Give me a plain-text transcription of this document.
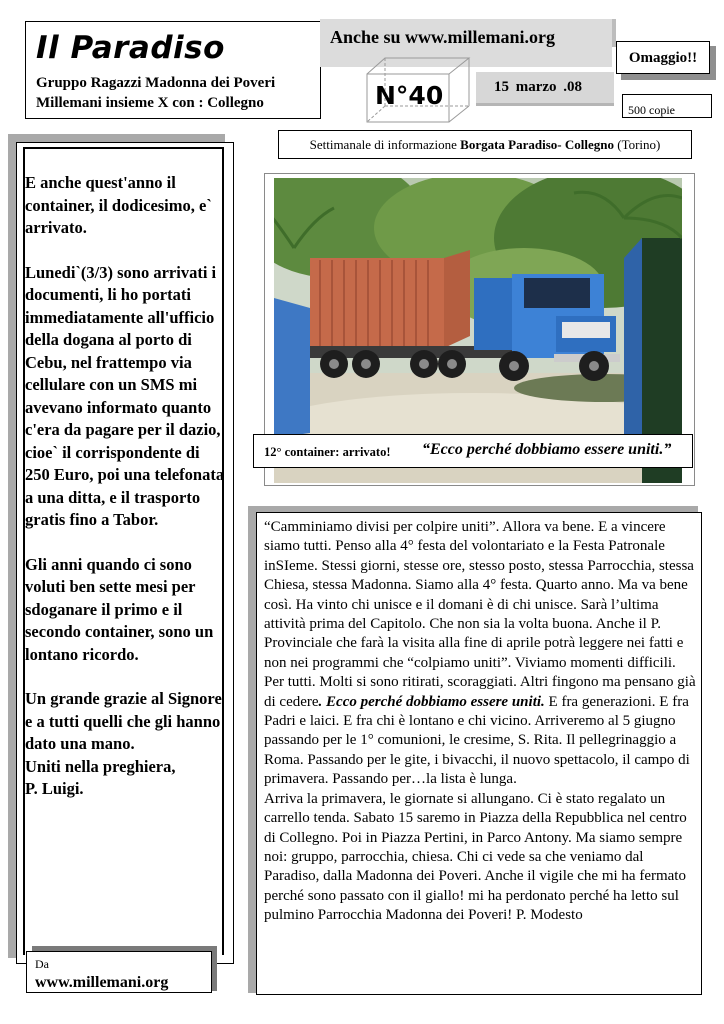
Il Paradiso
Gruppo Ragazzi Madonna dei Poveri
Millemani insieme X con : Collegno
Anche su www.millemani.org
N°40	15 marzo .08
Omaggio!!
500 copie
Settimanale di informazione Borgata Paradiso- Collegno (Torino)

E anche quest'anno il container, il dodicesimo, e` arrivato.

Lunedi`(3/3) sono arrivati i documenti, li ho portati immediatamente all'ufficio della dogana al porto di Cebu, nel frattempo via cellulare con un SMS mi avevano informato quanto c'era da pagare per il dazio, cioe` il corrispondente di 250 Euro, poi una telefonata a una ditta, e il trasporto gratis fino a Tabor.

Gli anni quando ci sono voluti ben sette mesi per sdoganare il primo e il secondo container, sono un lontano ricordo.

Un grande grazie al Signore e a tutti quelli che gli hanno dato una mano.
Uniti nella preghiera,
P. Luigi.

Da
www.millemani.org
12° container: arrivato! “Ecco perché dobbiamo essere uniti.”
“Camminiamo divisi per colpire uniti”. Allora va bene. E a vincere siamo tutti. Penso alla 4° festa del volontariato e la Festa Patronale inSIeme. Stessi giorni, stesse ore, stesso posto, stessa Parrocchia, stessa Chiesa, stessa Madonna. Siamo alla 4° festa. Quarto anno. Ma va bene così. Ha vinto chi unisce e il domani è di chi unisce. Sarà l’ultima attività prima del Capitolo. Che non sia la volta buona. Anche il P. Provinciale che farà la visita alla fine di aprile potrà leggere nei fatti e non nei programmi che “colpiamo uniti”. Viviamo momenti difficili. Per tutti. Molti si sono ritirati, scoraggiati. Altri fingono ma pensano già di cedere. Ecco perché dobbiamo essere uniti. E fra generazioni. E fra Padri e laici. E fra chi è lontano e chi vicino. Arriveremo al 5 giugno passando per le 1° comunioni, le cresime, S. Rita. Il pellegrinaggio a Roma. Passando per le gite, i bivacchi, il nuovo spettacolo, il campo di primavera. Passando per…la lista è lunga.
Arriva la primavera, le giornate si allungano. Ci è stato regalato un carrello tenda. Sabato 15 saremo in Piazza della Repubblica nel centro di Collegno. Poi in Piazza Pertini, in Parco Antony. Ma siamo sempre noi: gruppo, parrocchia, chiesa. Chi ci vede sa che veniamo dal Paradiso, dalla Madonna dei Poveri. Anche il vigile che mi ha fermato perché sono passato con il giallo! mi ha perdonato perché ha letto sul pulmino Parrocchia Madonna dei Poveri! P. Modesto
